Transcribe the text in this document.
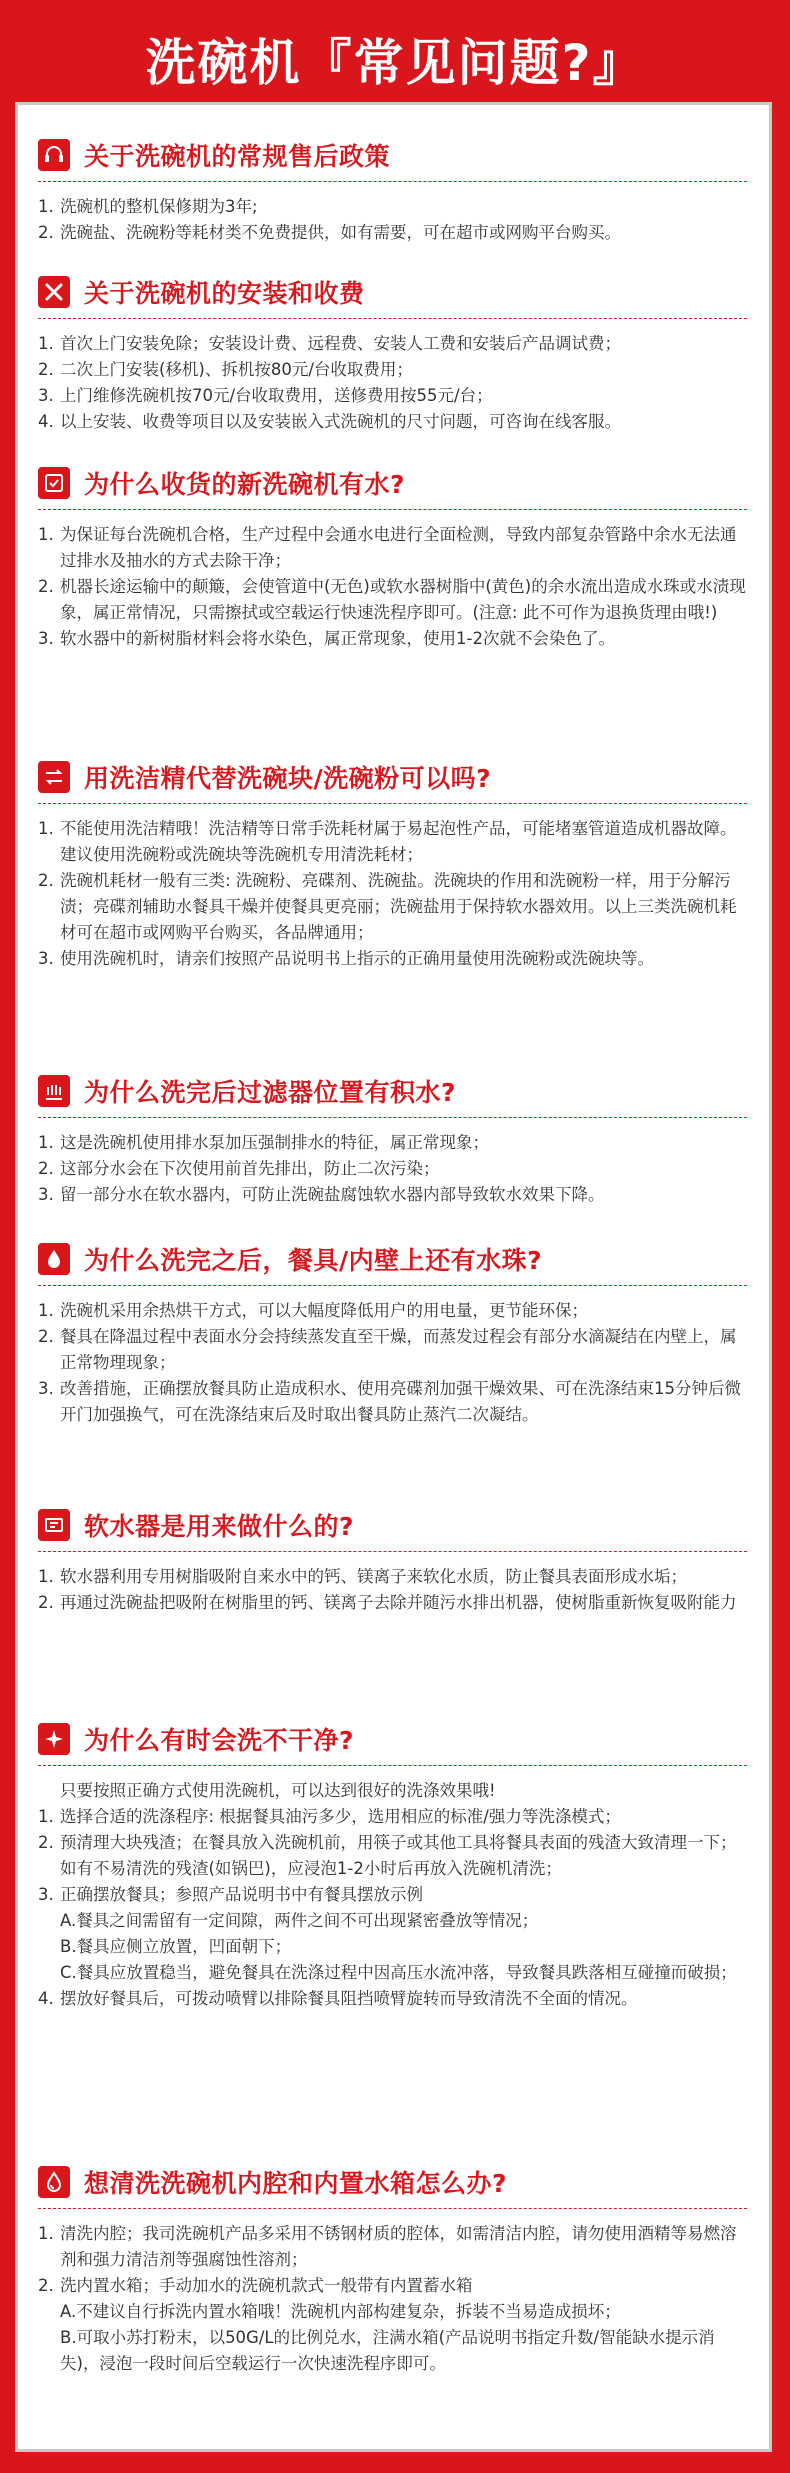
洗碗机『常见问题?』
关于洗碗机的常规售后政策
1. 洗碗机的整机保修期为3年;
2. 洗碗盐、洗碗粉等耗材类不免费提供，如有需要，可在超市或网购平台购买。
关于洗碗机的安装和收费
1. 首次上门安装免除；安装设计费、远程费、安装人工费和安装后产品调试费；
2. 二次上门安装(移机)、拆机按80元/台收取费用；
3. 上门维修洗碗机按70元/台收取费用，送修费用按55元/台；
4. 以上安装、收费等项目以及安装嵌入式洗碗机的尺寸问题，可咨询在线客服。
为什么收货的新洗碗机有水?
1. 为保证每台洗碗机合格，生产过程中会通水电进行全面检测，导致内部复杂管路中余水无法通过排水及抽水的方式去除干净；
2. 机器长途运输中的颠簸，会使管道中(无色)或软水器树脂中(黄色)的余水流出造成水珠或水渍现象，属正常情况，只需擦拭或空载运行快速洗程序即可。(注意: 此不可作为退换货理由哦!)
3. 软水器中的新树脂材料会将水染色，属正常现象，使用1-2次就不会染色了。
用洗洁精代替洗碗块/洗碗粉可以吗?
1. 不能使用洗洁精哦！洗洁精等日常手洗耗材属于易起泡性产品，可能堵塞管道造成机器故障。建议使用洗碗粉或洗碗块等洗碗机专用清洗耗材；
2. 洗碗机耗材一般有三类: 洗碗粉、亮碟剂、洗碗盐。洗碗块的作用和洗碗粉一样，用于分解污渍；亮碟剂辅助水餐具干燥并使餐具更亮丽；洗碗盐用于保持软水器效用。以上三类洗碗机耗材可在超市或网购平台购买，各品牌通用；
3. 使用洗碗机时，请亲们按照产品说明书上指示的正确用量使用洗碗粉或洗碗块等。
为什么洗完后过滤器位置有积水?
1. 这是洗碗机使用排水泵加压强制排水的特征，属正常现象；
2. 这部分水会在下次使用前首先排出，防止二次污染；
3. 留一部分水在软水器内，可防止洗碗盐腐蚀软水器内部导致软水效果下降。
为什么洗完之后，餐具/内壁上还有水珠?
1. 洗碗机采用余热烘干方式，可以大幅度降低用户的用电量，更节能环保；
2. 餐具在降温过程中表面水分会持续蒸发直至干燥，而蒸发过程会有部分水滴凝结在内壁上，属正常物理现象；
3. 改善措施，正确摆放餐具防止造成积水、使用亮碟剂加强干燥效果、可在洗涤结束15分钟后微开门加强换气，可在洗涤结束后及时取出餐具防止蒸汽二次凝结。
软水器是用来做什么的?
1. 软水器利用专用树脂吸附自来水中的钙、镁离子来软化水质，防止餐具表面形成水垢；
2. 再通过洗碗盐把吸附在树脂里的钙、镁离子去除并随污水排出机器，使树脂重新恢复吸附能力
为什么有时会洗不干净?
只要按照正确方式使用洗碗机，可以达到很好的洗涤效果哦!
1. 选择合适的洗涤程序: 根据餐具油污多少，选用相应的标准/强力等洗涤模式；
2. 预清理大块残渣；在餐具放入洗碗机前，用筷子或其他工具将餐具表面的残渣大致清理一下；如有不易清洗的残渣(如锅巴)，应浸泡1-2小时后再放入洗碗机清洗；
3. 正确摆放餐具；参照产品说明书中有餐具摆放示例
A.餐具之间需留有一定间隙，两件之间不可出现紧密叠放等情况；
B.餐具应侧立放置，凹面朝下；
C.餐具应放置稳当，避免餐具在洗涤过程中因高压水流冲落，导致餐具跌落相互碰撞而破损；
4. 摆放好餐具后，可拨动喷臂以排除餐具阻挡喷臂旋转而导致清洗不全面的情况。
想清洗洗碗机内腔和内置水箱怎么办?
1. 清洗内腔；我司洗碗机产品多采用不锈钢材质的腔体，如需清洁内腔，请勿使用酒精等易燃溶剂和强力清洁剂等强腐蚀性溶剂；
2. 洗内置水箱；手动加水的洗碗机款式一般带有内置蓄水箱
A.不建议自行拆洗内置水箱哦！洗碗机内部构建复杂，拆装不当易造成损坏；
B.可取小苏打粉末，以50G/L的比例兑水，注满水箱(产品说明书指定升数/智能缺水提示消失)，浸泡一段时间后空载运行一次快速洗程序即可。
